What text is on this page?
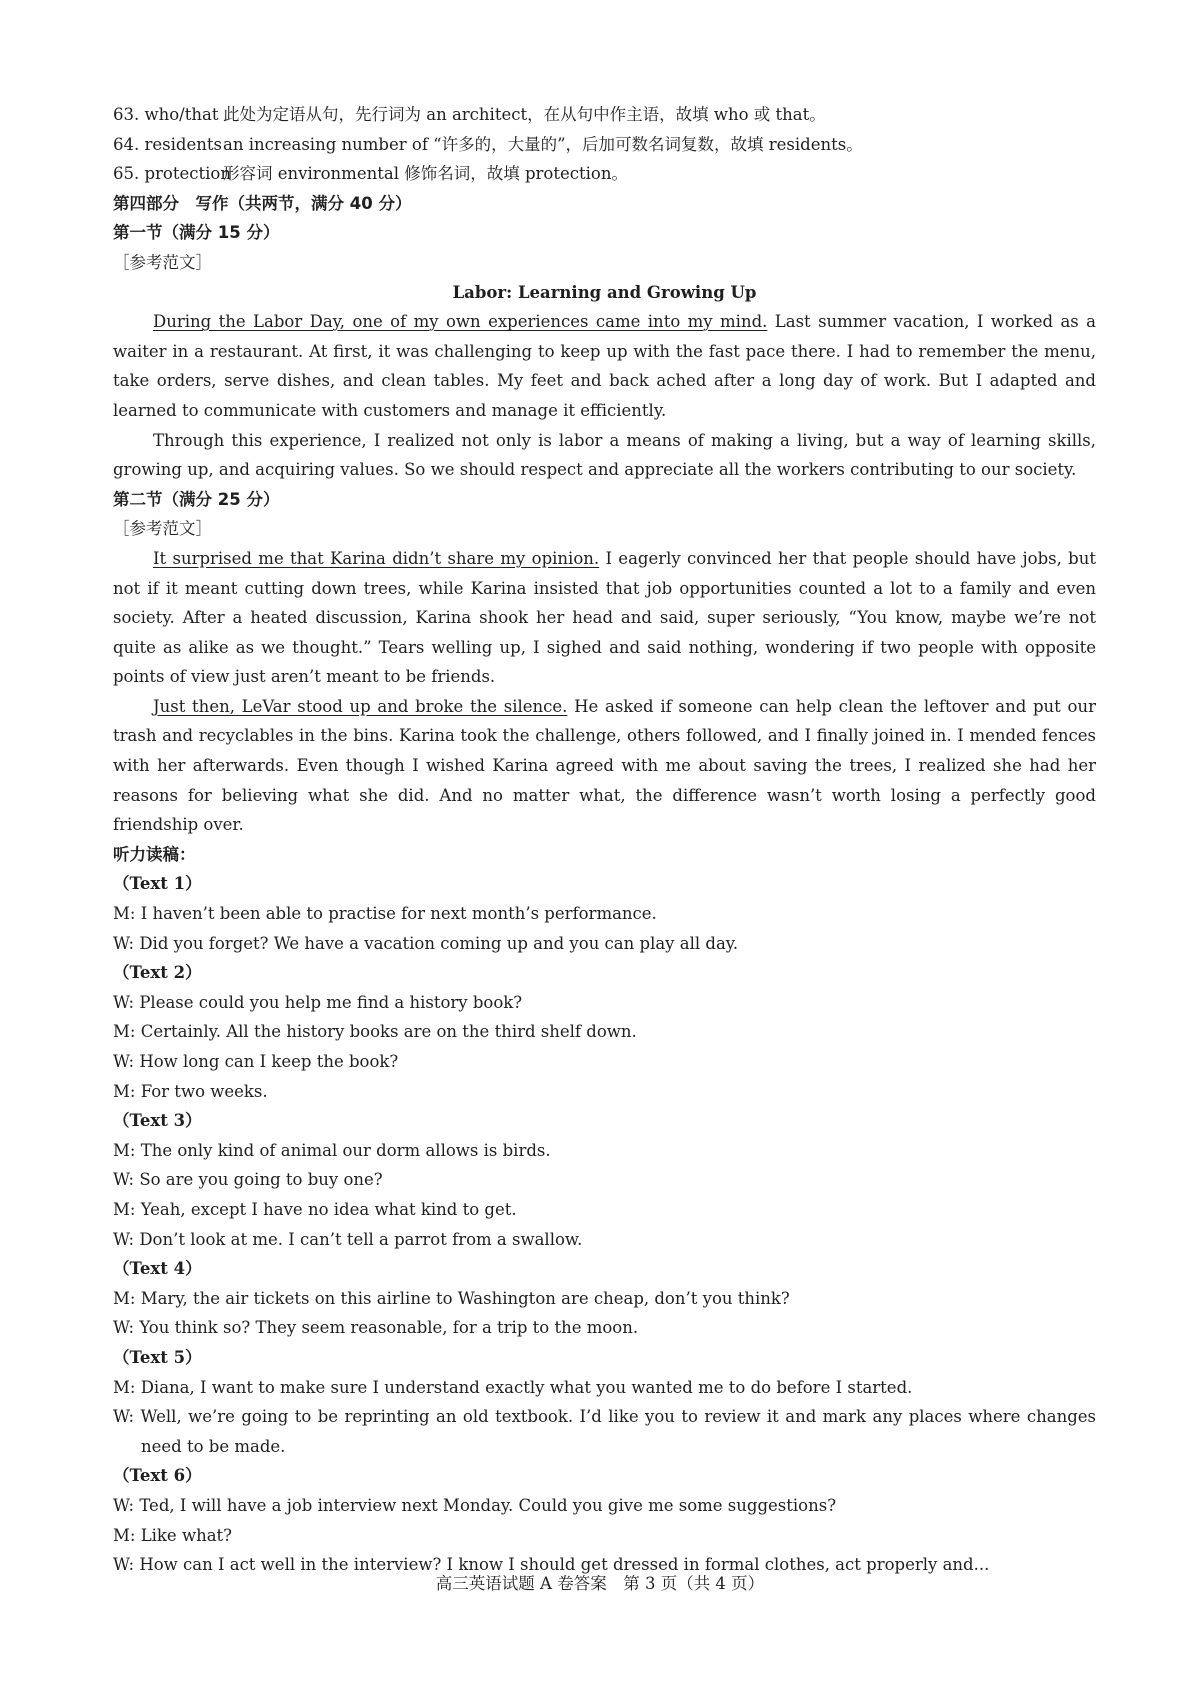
63. who/that 此处为定语从句，先行词为 an architect，在从句中作主语，故填 who 或 that。
64. residentsan increasing number of “许多的，大量的”，后加可数名词复数，故填 residents。
65. protection形容词 environmental 修饰名词，故填 protection。
第四部分　写作（共两节，满分 40 分）
第一节（满分 15 分）
［参考范文］
Labor: Learning and Growing Up

During the Labor Day, one of my own experiences came into my mind. Last summer vacation, I worked as a waiter in a restaurant. At first, it was challenging to keep up with the fast pace there. I had to remember the menu, take orders, serve dishes, and clean tables. My feet and back ached after a long day of work. But I adapted and learned to communicate with customers and manage it efficiently.

Through this experience, I realized not only is labor a means of making a living, but a way of learning skills, growing up, and acquiring values. So we should respect and appreciate all the workers contributing to our society.

第二节（满分 25 分）
［参考范文］

It surprised me that Karina didn’t share my opinion. I eagerly convinced her that people should have jobs, but not if it meant cutting down trees, while Karina insisted that job opportunities counted a lot to a family and even society. After a heated discussion, Karina shook her head and said, super seriously, “You know, maybe we’re not quite as alike as we thought.” Tears welling up, I sighed and said nothing, wondering if two people with opposite points of view just aren’t meant to be friends.

Just then, LeVar stood up and broke the silence. He asked if someone can help clean the leftover and put our trash and recyclables in the bins. Karina took the challenge, others followed, and I finally joined in. I mended fences with her afterwards. Even though I wished Karina agreed with me about saving the trees, I realized she had her reasons for believing what she did. And no matter what, the difference wasn’t worth losing a perfectly good friendship over.

听力读稿：
（Text 1）
M: I haven’t been able to practise for next month’s performance.
W: Did you forget? We have a vacation coming up and you can play all day.
（Text 2）
W: Please could you help me find a history book?
M: Certainly. All the history books are on the third shelf down.
W: How long can I keep the book?
M: For two weeks.
（Text 3）
M: The only kind of animal our dorm allows is birds.
W: So are you going to buy one?
M: Yeah, except I have no idea what kind to get.
W: Don’t look at me. I can’t tell a parrot from a swallow.
（Text 4）
M: Mary, the air tickets on this airline to Washington are cheap, don’t you think?
W: You think so? They seem reasonable, for a trip to the moon.
（Text 5）
M: Diana, I want to make sure I understand exactly what you wanted me to do before I started.
W: Well, we’re going to be reprinting an old textbook. I’d like you to review it and mark any places where changes need to be made.
（Text 6）
W: Ted, I will have a job interview next Monday. Could you give me some suggestions?
M: Like what?
W: How can I act well in the interview? I know I should get dressed in formal clothes, act properly and...
高三英语试题 A 卷答案　第 3 页（共 4 页）
